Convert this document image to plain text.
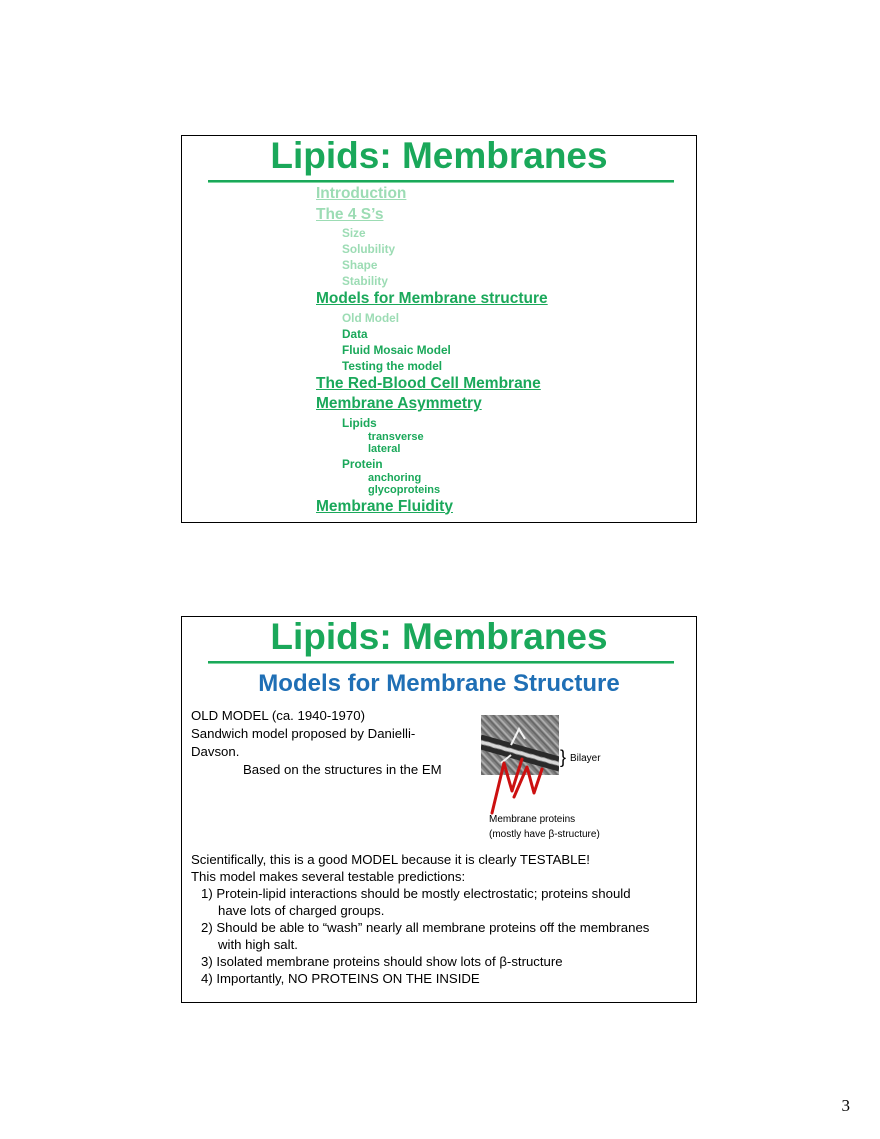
Lipids: Membranes
Introduction
The 4 S’s
Size
Solubility
Shape
Stability
Models for Membrane structure
Old Model
Data
Fluid Mosaic Model
Testing the model
The Red-Blood Cell Membrane
Membrane Asymmetry
Lipids
transverse
lateral
Protein
anchoring
glycoproteins
Membrane Fluidity
Lipids: Membranes
Models for Membrane Structure
OLD MODEL (ca. 1940-1970)
Sandwich model proposed by Danielli-
Davson.
Based on the structures in the EM
} Bilayer
Membrane proteins
(mostly have β-structure)
Scientifically, this is a good MODEL because it is clearly TESTABLE!
This model makes several testable predictions:
1) Protein-lipid interactions should be mostly electrostatic; proteins should
have lots of charged groups.
2) Should be able to “wash” nearly all membrane proteins off the membranes
with high salt.
3) Isolated membrane proteins should show lots of β-structure
4) Importantly, NO PROTEINS ON THE INSIDE
3
